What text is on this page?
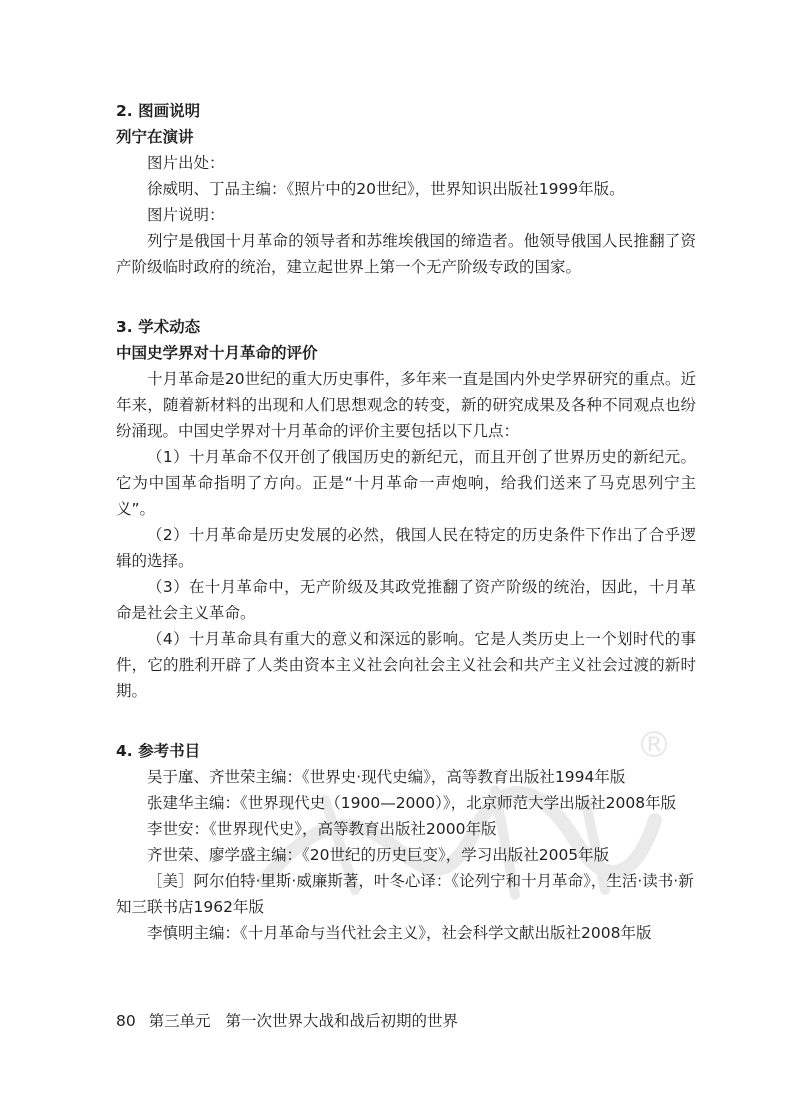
®

2. 图画说明

列宁在演讲

图片出处：

徐威明、丁品主编：《照片中的20世纪》，世界知识出版社1999年版。

图片说明：

列宁是俄国十月革命的领导者和苏维埃俄国的缔造者。他领导俄国人民推翻了资产阶级临时政府的统治，建立起世界上第一个无产阶级专政的国家。

3. 学术动态

中国史学界对十月革命的评价

十月革命是20世纪的重大历史事件，多年来一直是国内外史学界研究的重点。近年来，随着新材料的出现和人们思想观念的转变，新的研究成果及各种不同观点也纷纷涌现。中国史学界对十月革命的评价主要包括以下几点：

（1）十月革命不仅开创了俄国历史的新纪元，而且开创了世界历史的新纪元。它为中国革命指明了方向。正是“十月革命一声炮响，给我们送来了马克思列宁主义”。

（2）十月革命是历史发展的必然，俄国人民在特定的历史条件下作出了合乎逻辑的选择。

（3）在十月革命中，无产阶级及其政党推翻了资产阶级的统治，因此，十月革命是社会主义革命。

（4）十月革命具有重大的意义和深远的影响。它是人类历史上一个划时代的事件，它的胜利开辟了人类由资本主义社会向社会主义社会和共产主义社会过渡的新时期。

4. 参考书目

吴于廑、齐世荣主编：《世界史·现代史编》，高等教育出版社1994年版

张建华主编：《世界现代史（1900—2000）》，北京师范大学出版社2008年版

李世安：《世界现代史》，高等教育出版社2000年版

齐世荣、廖学盛主编：《20世纪的历史巨变》，学习出版社2005年版

［美］阿尔伯特·里斯·威廉斯著，叶冬心译：《论列宁和十月革命》，生活·读书·新知三联书店1962年版

李慎明主编：《十月革命与当代社会主义》，社会科学文献出版社2008年版

80 第三单元 第一次世界大战和战后初期的世界
